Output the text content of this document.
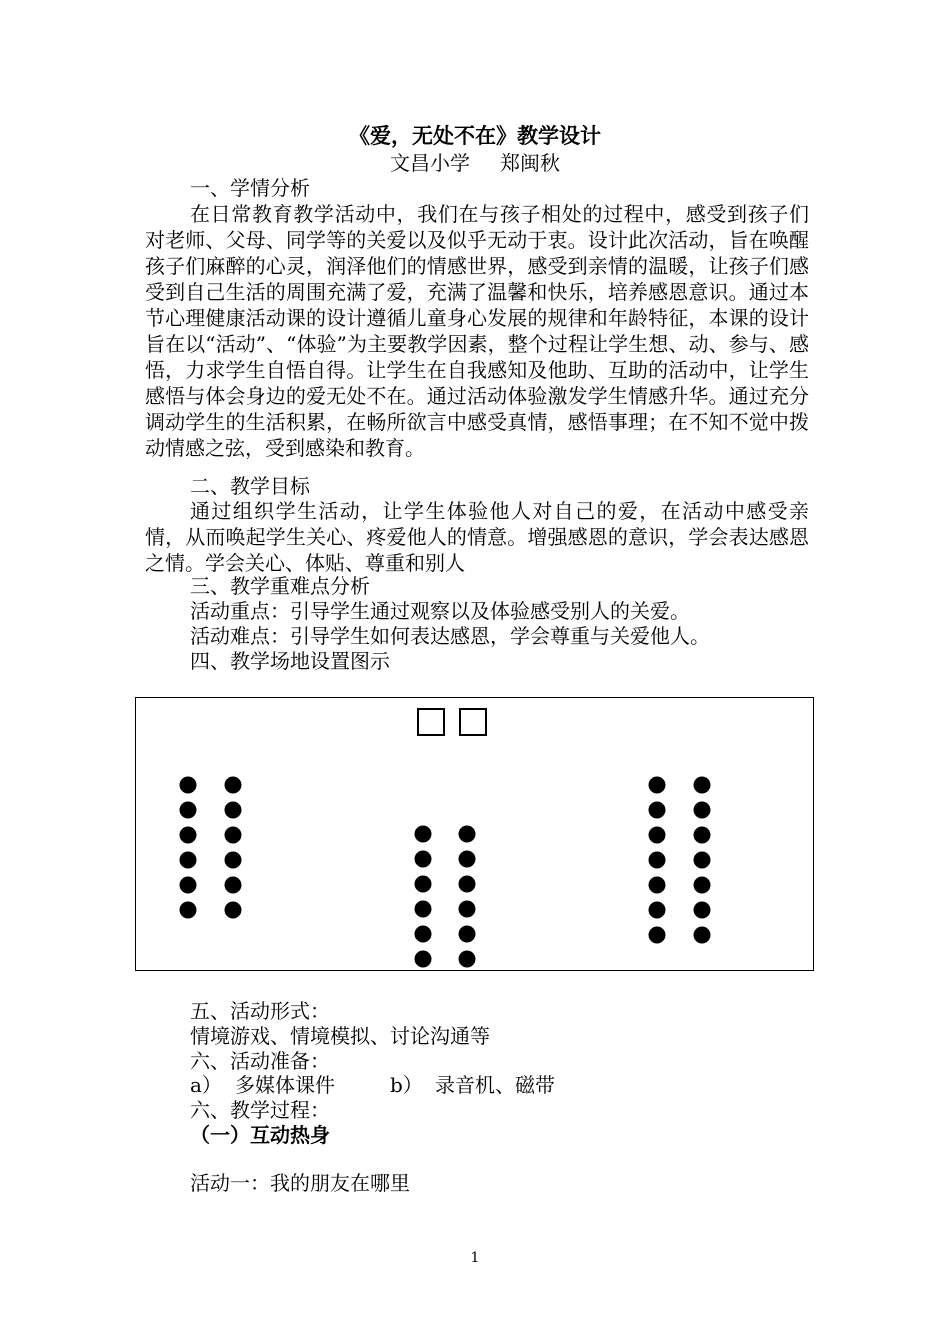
《爱，无处不在》教学设计
文昌小学 郑闽秋
一、学情分析
在日常教育教学活动中，我们在与孩子相处的过程中，感受到孩子们对老师、父母、同学等的关爱以及似乎无动于衷。设计此次活动，旨在唤醒孩子们麻醉的心灵，润泽他们的情感世界，感受到亲情的温暖，让孩子们感受到自己生活的周围充满了爱，充满了温馨和快乐，培养感恩意识。通过本节心理健康活动课的设计遵循儿童身心发展的规律和年龄特征，本课的设计旨在以“活动”、“体验”为主要教学因素，整个过程让学生想、动、参与、感悟，力求学生自悟自得。让学生在自我感知及他助、互助的活动中，让学生感悟与体会身边的爱无处不在。通过活动体验激发学生情感升华。通过充分调动学生的生活积累，在畅所欲言中感受真情，感悟事理；在不知不觉中拨动情感之弦，受到感染和教育。
二、教学目标
通过组织学生活动，让学生体验他人对自己的爱，在活动中感受亲情，从而唤起学生关心、疼爱他人的情意。增强感恩的意识，学会表达感恩之情。学会关心、体贴、尊重和别人
三、教学重难点分析
活动重点：引导学生通过观察以及体验感受别人的关爱。
活动难点：引导学生如何表达感恩，学会尊重与关爱他人。
四、教学场地设置图示
五、活动形式：
情境游戏、情境模拟、讨论沟通等
六、活动准备：
a） 多媒体课件	b） 录音机、磁带
六、教学过程：
（一）互动热身
活动一：我的朋友在哪里
1
